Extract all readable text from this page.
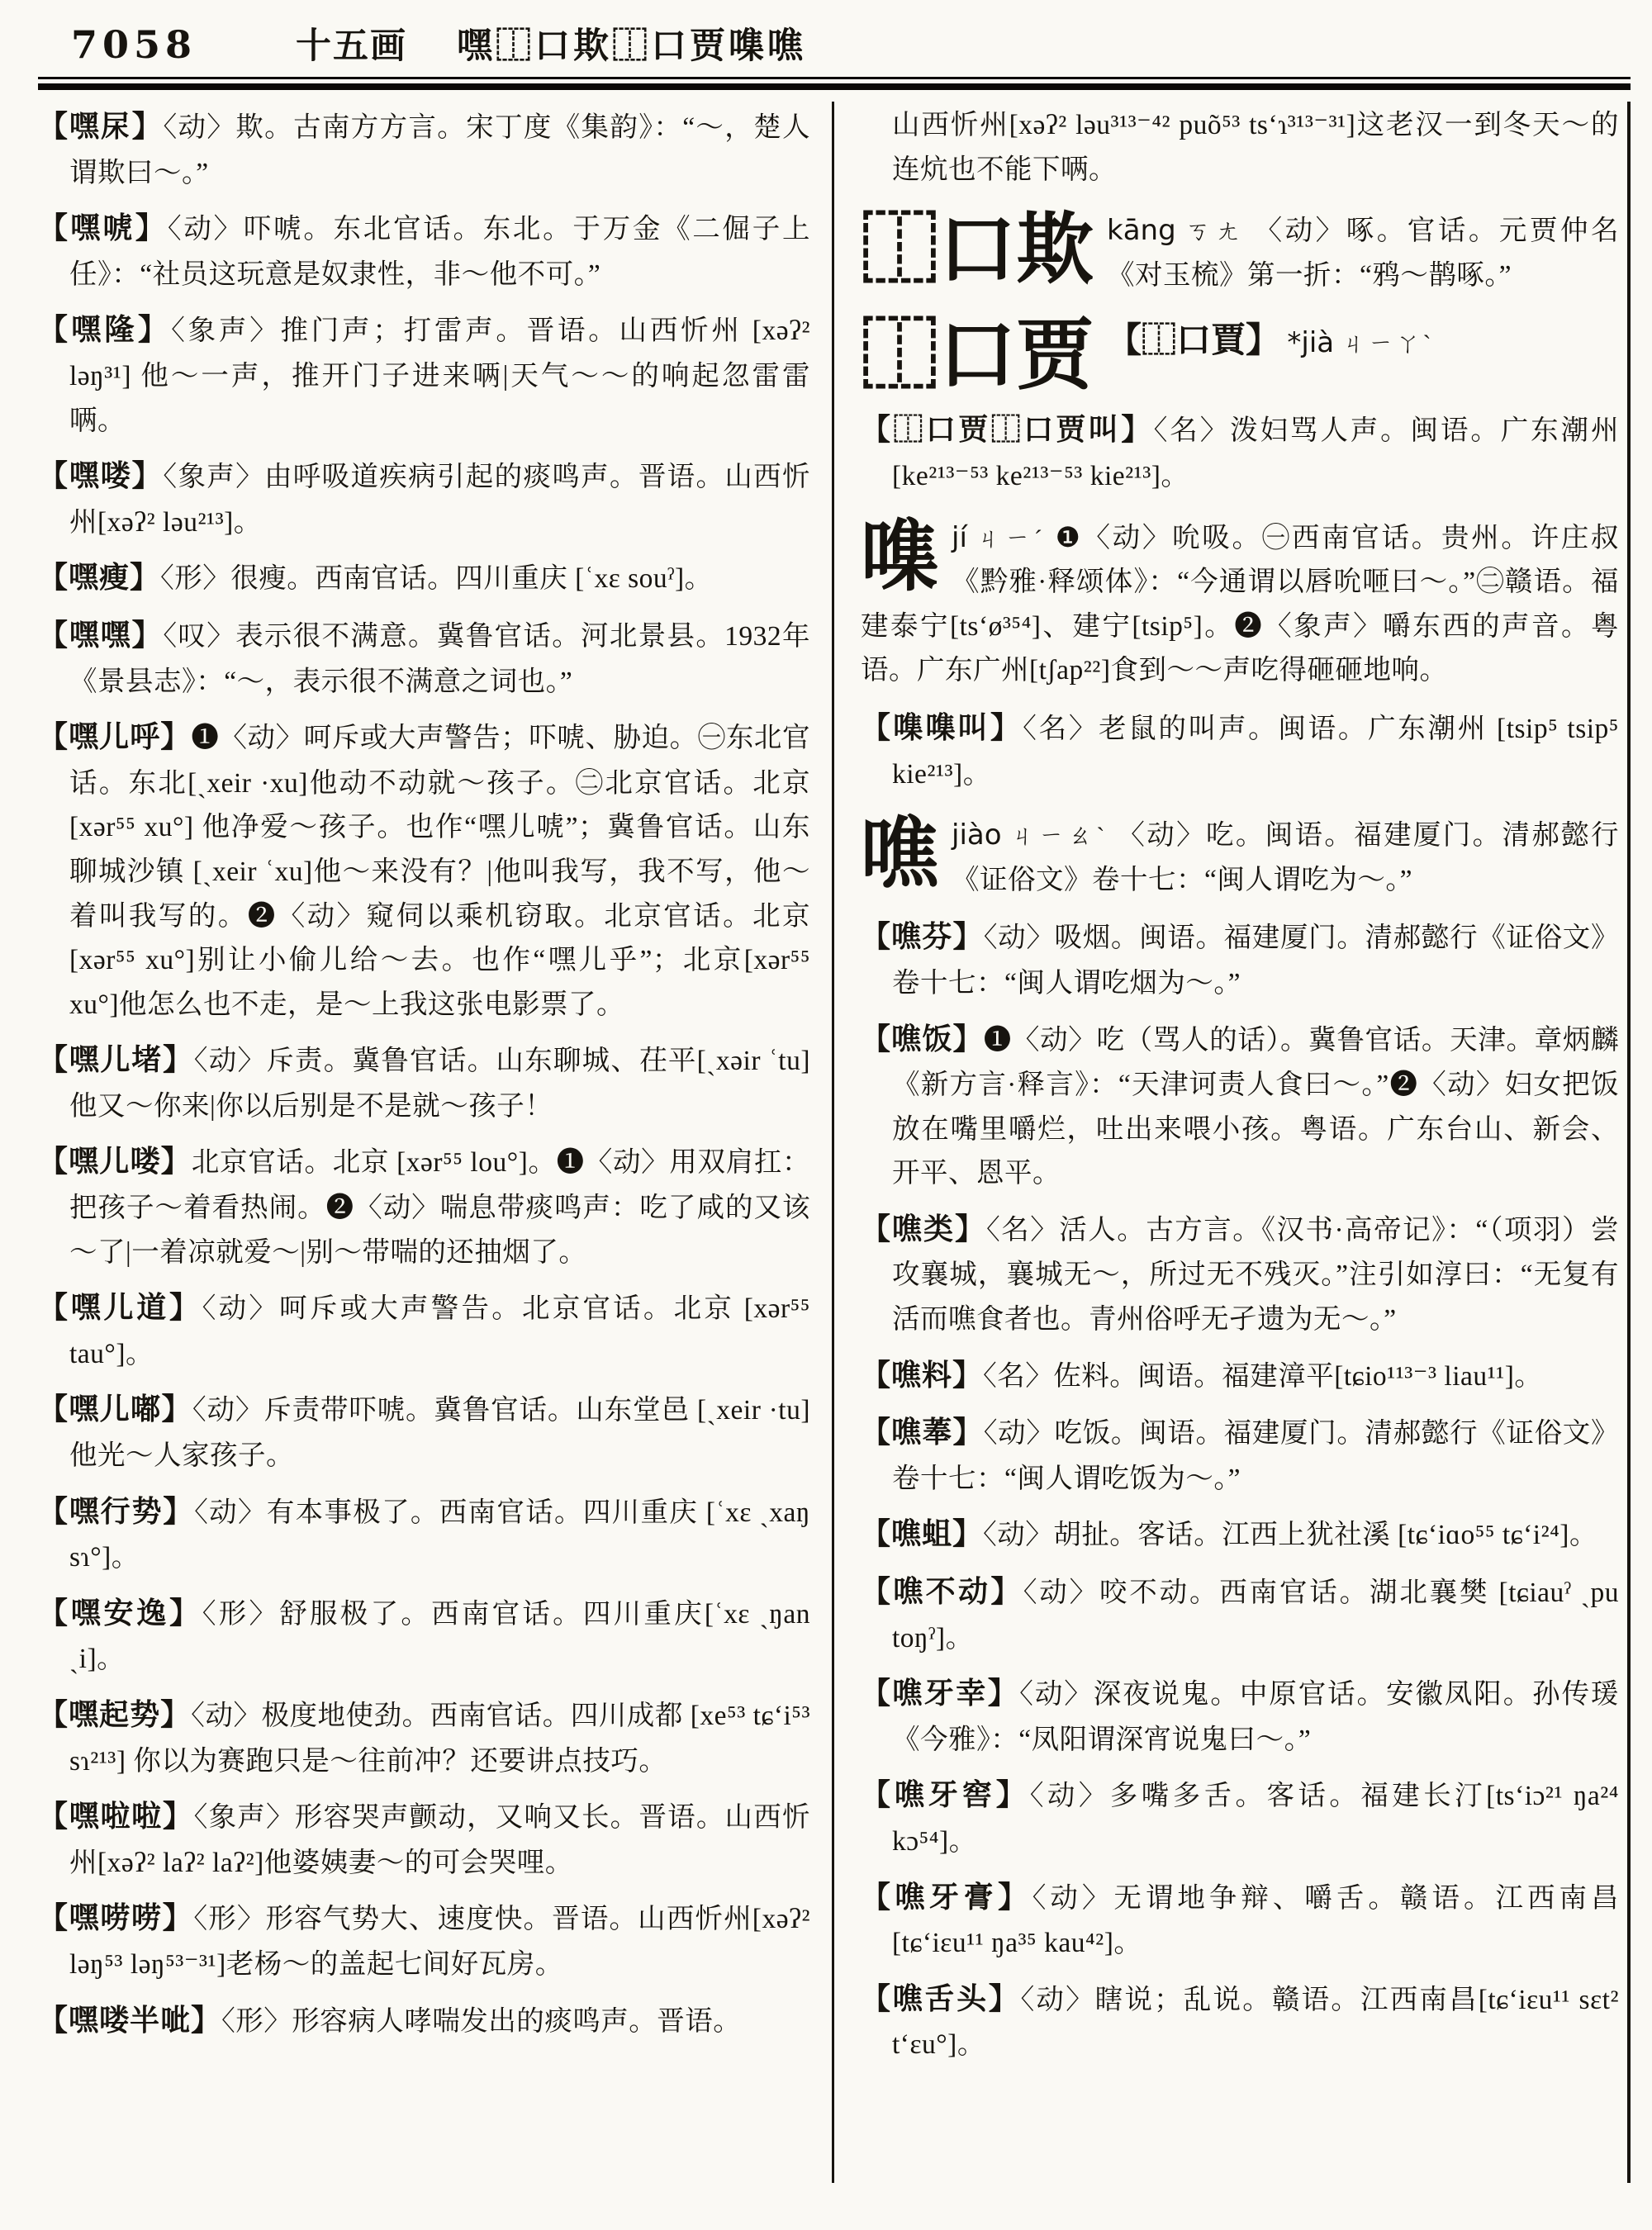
7058	十五画 嘿⿰口欺⿰口贾㗱噍
【嘿杘】〈动〉欺。古南方方言。宋丁度《集韵》：“～，楚人谓欺曰～。”
【嘿唬】〈动〉吓唬。东北官话。东北。于万金《二倔子上任》：“社员这玩意是奴隶性，非～他不可。”
【嘿隆】〈象声〉推门声；打雷声。晋语。山西忻州 [xəʔ² ləŋ³¹] 他～一声，推开门子进来唡|天气～～的响起忽雷雷唡。
【嘿喽】〈象声〉由呼吸道疾病引起的痰鸣声。晋语。山西忻州[xəʔ² ləu²¹³]。
【嘿瘦】〈形〉很瘦。西南官话。四川重庆 [ʿxɛ souˀ]。
【嘿嘿】〈叹〉表示很不满意。冀鲁官话。河北景县。1932年《景县志》：“～，表示很不满意之词也。”
【嘿儿呼】❶〈动〉呵斥或大声警告；吓唬、胁迫。㊀东北官话。东北[ˏxeir ·xu]他动不动就～孩子。㊁北京官话。北京 [xər⁵⁵ xu°] 他净爱～孩子。也作“嘿儿唬”；冀鲁官话。山东聊城沙镇 [ˏxeir ʿxu]他～来没有？|他叫我写，我不写，他～着叫我写的。❷〈动〉窥伺以乘机窃取。北京官话。北京[xər⁵⁵ xu°]别让小偷儿给～去。也作“嘿儿乎”；北京[xər⁵⁵ xu°]他怎么也不走，是～上我这张电影票了。
【嘿儿堵】〈动〉斥责。冀鲁官话。山东聊城、茌平[ˏxəir ʿtu]他又～你来|你以后别是不是就～孩子！
【嘿儿喽】北京官话。北京 [xər⁵⁵ lou°]。❶〈动〉用双肩扛：把孩子～着看热闹。❷〈动〉喘息带痰鸣声：吃了咸的又该～了|一着凉就爱～|别～带喘的还抽烟了。
【嘿儿道】〈动〉呵斥或大声警告。北京官话。北京 [xər⁵⁵ tau°]。
【嘿儿嘟】〈动〉斥责带吓唬。冀鲁官话。山东堂邑 [ˏxeir ·tu] 他光～人家孩子。
【嘿行势】〈动〉有本事极了。西南官话。四川重庆 [ʿxɛ ˏxaŋ sɿ°]。
【嘿安逸】〈形〉舒服极了。西南官话。四川重庆[ʿxɛ ˏŋan ˏi]。
【嘿起势】〈动〉极度地使劲。西南官话。四川成都 [xe⁵³ tɕʻi⁵³ sɿ²¹³] 你以为赛跑只是～往前冲？还要讲点技巧。
【嘿啦啦】〈象声〉形容哭声颤动，又响又长。晋语。山西忻州[xəʔ² laʔ² laʔ²]他婆姨妻～的可会哭哩。
【嘿唠唠】〈形〉形容气势大、速度快。晋语。山西忻州[xəʔ² ləŋ⁵³ ləŋ⁵³⁻³¹]老杨～的盖起七间好瓦房。
【嘿喽半呲】〈形〉形容病人哮喘发出的痰鸣声。晋语。
山西忻州[xəʔ² ləu³¹³⁻⁴² puõ⁵³ tsʻɿ³¹³⁻³¹]这老汉一到冬天～的连炕也不能下唡。
⿰口欺 kāng ㄎㄤ 〈动〉啄。官话。元贾仲名《对玉梳》第一折：“鸦～鹊啄。”
⿰口贾 【⿰口賈】 *jià ㄐㄧㄚˋ
【⿰口贾⿰口贾叫】〈名〉泼妇骂人声。闽语。广东潮州[ke²¹³⁻⁵³ ke²¹³⁻⁵³ kie²¹³]。
㗱 jí ㄐㄧˊ ❶〈动〉吮吸。㊀西南官话。贵州。许庄叔《黔雅·释颂体》：“今通谓以唇吮咂曰～。”㊁赣语。福建泰宁[tsʻø³⁵⁴]、建宁[tsip⁵]。❷〈象声〉嚼东西的声音。粤语。广东广州[tʃap²²]食到～～声吃得砸砸地响。
【㗱㗱叫】〈名〉老鼠的叫声。闽语。广东潮州 [tsip⁵ tsip⁵ kie²¹³]。
噍 jiào ㄐㄧㄠˋ 〈动〉吃。闽语。福建厦门。清郝懿行《证俗文》卷十七：“闽人谓吃为～。”
【噍芬】〈动〉吸烟。闽语。福建厦门。清郝懿行《证俗文》卷十七：“闽人谓吃烟为～。”
【噍饭】❶〈动〉吃（骂人的话）。冀鲁官话。天津。章炳麟《新方言·释言》：“天津诃责人食曰～。”❷〈动〉妇女把饭放在嘴里嚼烂，吐出来喂小孩。粤语。广东台山、新会、开平、恩平。
【噍类】〈名〉活人。古方言。《汉书·高帝记》：“（项羽）尝攻襄城，襄城无～，所过无不残灭。”注引如淳曰：“无复有活而噍食者也。青州俗呼无孑遗为无～。”
【噍料】〈名〉佐料。闽语。福建漳平[tɕio¹¹³⁻³ liau¹¹]。
【噍菶】〈动〉吃饭。闽语。福建厦门。清郝懿行《证俗文》卷十七：“闽人谓吃饭为～。”
【噍蛆】〈动〉胡扯。客话。江西上犹社溪 [tɕʻiɑo⁵⁵ tɕʻi²⁴]。
【噍不动】〈动〉咬不动。西南官话。湖北襄樊 [tɕiauˀ ˏpu toŋˀ]。
【噍牙幸】〈动〉深夜说鬼。中原官话。安徽凤阳。孙传瑗《今雅》：“凤阳谓深宵说鬼曰～。”
【噍牙窖】〈动〉多嘴多舌。客话。福建长汀[tsʻiɔ²¹ ŋa²⁴ kɔ⁵⁴]。
【噍牙膏】〈动〉无谓地争辩、嚼舌。赣语。江西南昌 [tɕʻiɛu¹¹ ŋa³⁵ kau⁴²]。
【噍舌头】〈动〉瞎说；乱说。赣语。江西南昌[tɕʻiɛu¹¹ sɛt² tʻɛu°]。
